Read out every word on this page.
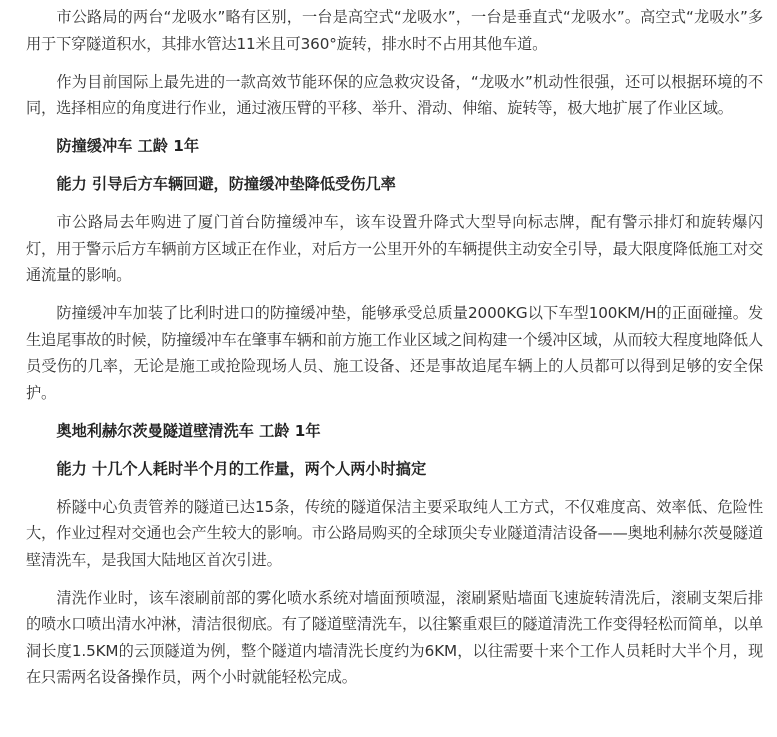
市公路局的两台“龙吸水”略有区别，一台是高空式“龙吸水”，一台是垂直式“龙吸水”。高空式“龙吸水”多用于下穿隧道积水，其排水管达11米且可360°旋转，排水时不占用其他车道。

作为目前国际上最先进的一款高效节能环保的应急救灾设备，“龙吸水”机动性很强，还可以根据环境的不同，选择相应的角度进行作业，通过液压臂的平移、举升、滑动、伸缩、旋转等，极大地扩展了作业区域。

防撞缓冲车 工龄 1年

能力 引导后方车辆回避，防撞缓冲垫降低受伤几率

市公路局去年购进了厦门首台防撞缓冲车，该车设置升降式大型导向标志牌，配有警示排灯和旋转爆闪灯，用于警示后方车辆前方区域正在作业，对后方一公里开外的车辆提供主动安全引导，最大限度降低施工对交通流量的影响。

防撞缓冲车加装了比利时进口的防撞缓冲垫，能够承受总质量2000KG以下车型100KM/H的正面碰撞。发生追尾事故的时候，防撞缓冲车在肇事车辆和前方施工作业区域之间构建一个缓冲区域，从而较大程度地降低人员受伤的几率，无论是施工或抢险现场人员、施工设备、还是事故追尾车辆上的人员都可以得到足够的安全保护。

奥地利赫尔茨曼隧道壁清洗车 工龄 1年

能力 十几个人耗时半个月的工作量，两个人两小时搞定

桥隧中心负责管养的隧道已达15条，传统的隧道保洁主要采取纯人工方式，不仅难度高、效率低、危险性大，作业过程对交通也会产生较大的影响。市公路局购买的全球顶尖专业隧道清洁设备——奥地利赫尔茨曼隧道壁清洗车，是我国大陆地区首次引进。

清洗作业时，该车滚刷前部的雾化喷水系统对墙面预喷湿，滚刷紧贴墙面飞速旋转清洗后，滚刷支架后排的喷水口喷出清水冲淋，清洁很彻底。有了隧道壁清洗车，以往繁重艰巨的隧道清洗工作变得轻松而简单，以单洞长度1.5KM的云顶隧道为例，整个隧道内墙清洗长度约为6KM，以往需要十来个工作人员耗时大半个月，现在只需两名设备操作员，两个小时就能轻松完成。
